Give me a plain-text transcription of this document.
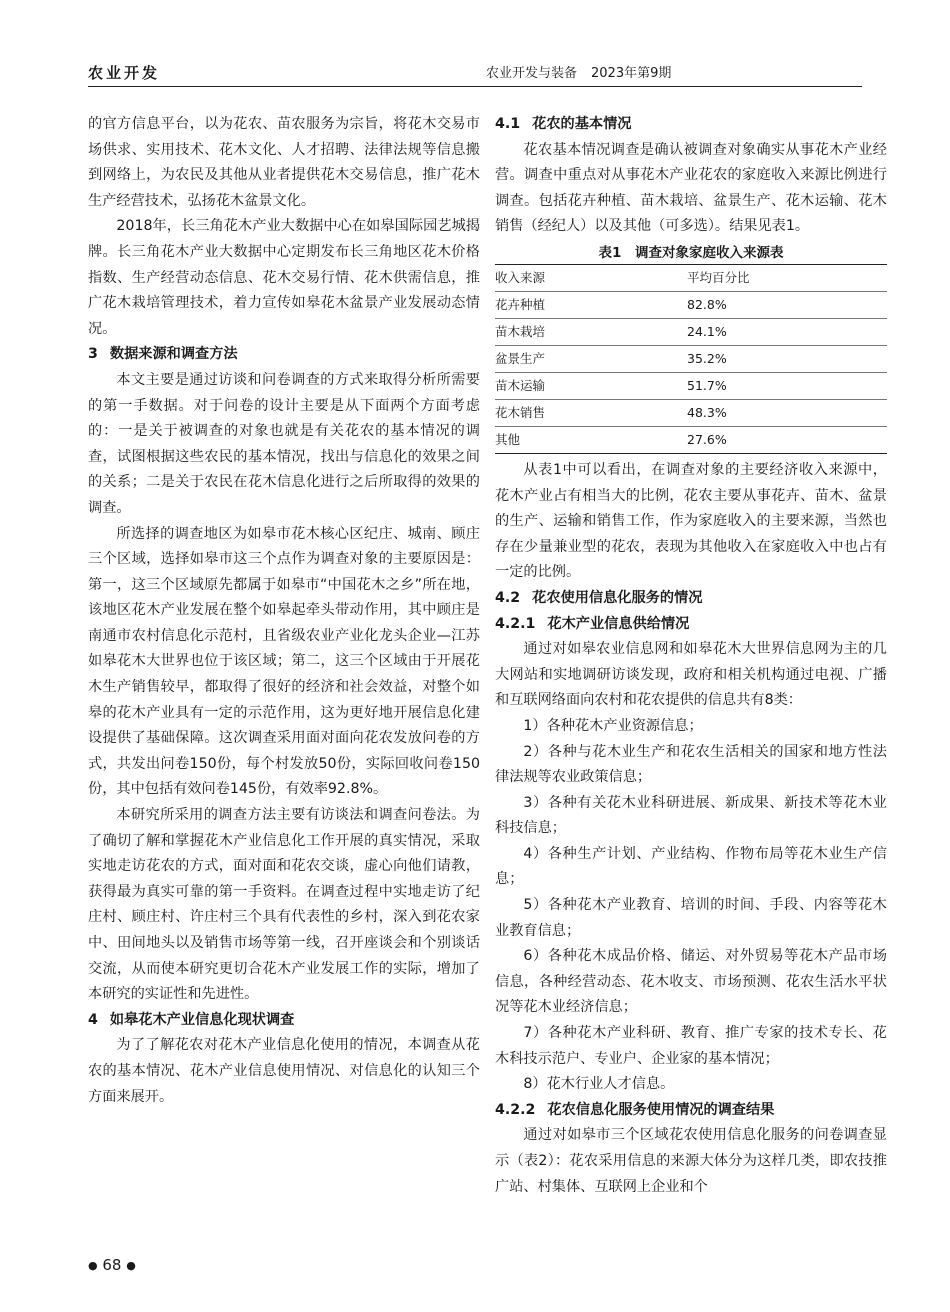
农业开发	农业开发与装备 2023年第9期

的官方信息平台，以为花农、苗农服务为宗旨，将花木交易市场供求、实用技术、花木文化、人才招聘、法律法规等信息搬到网络上，为农民及其他从业者提供花木交易信息，推广花木生产经营技术，弘扬花木盆景文化。

2018年，长三角花木产业大数据中心在如皋国际园艺城揭牌。长三角花木产业大数据中心定期发布长三角地区花木价格指数、生产经营动态信息、花木交易行情、花木供需信息，推广花木栽培管理技术，着力宣传如皋花木盆景产业发展动态情况。

3 数据来源和调查方法

本文主要是通过访谈和问卷调查的方式来取得分析所需要的第一手数据。对于问卷的设计主要是从下面两个方面考虑的：一是关于被调查的对象也就是有关花农的基本情况的调查，试图根据这些农民的基本情况，找出与信息化的效果之间的关系；二是关于农民在花木信息化进行之后所取得的效果的调查。

所选择的调查地区为如皋市花木核心区纪庄、城南、顾庄三个区域，选择如皋市这三个点作为调查对象的主要原因是：第一，这三个区域原先都属于如皋市“中国花木之乡”所在地，该地区花木产业发展在整个如皋起牵头带动作用，其中顾庄是南通市农村信息化示范村，且省级农业产业化龙头企业—江苏如皋花木大世界也位于该区域；第二，这三个区域由于开展花木生产销售较早，都取得了很好的经济和社会效益，对整个如皋的花木产业具有一定的示范作用，这为更好地开展信息化建设提供了基础保障。这次调查采用面对面向花农发放问卷的方式，共发出问卷150份，每个村发放50份，实际回收问卷150份，其中包括有效问卷145份，有效率92.8%。

本研究所采用的调查方法主要有访谈法和调查问卷法。为了确切了解和掌握花木产业信息化工作开展的真实情况，采取实地走访花农的方式，面对面和花农交谈，虚心向他们请教，获得最为真实可靠的第一手资料。在调查过程中实地走访了纪庄村、顾庄村、许庄村三个具有代表性的乡村，深入到花农家中、田间地头以及销售市场等第一线，召开座谈会和个别谈话交流，从而使本研究更切合花木产业发展工作的实际，增加了本研究的实证性和先进性。

4 如皋花木产业信息化现状调查

为了了解花农对花木产业信息化使用的情况，本调查从花农的基本情况、花木产业信息使用情况、对信息化的认知三个方面来展开。

4.1 花农的基本情况

花农基本情况调查是确认被调查对象确实从事花木产业经营。调查中重点对从事花木产业花农的家庭收入来源比例进行调查。包括花卉种植、苗木栽培、盆景生产、花木运输、花木销售（经纪人）以及其他（可多选）。结果见表1。

表1　调查对象家庭收入来源表
收入来源	平均百分比
花卉种植	82.8%
苗木栽培	24.1%
盆景生产	35.2%
苗木运输	51.7%
花木销售	48.3%
其他	27.6%

从表1中可以看出，在调查对象的主要经济收入来源中，花木产业占有相当大的比例，花农主要从事花卉、苗木、盆景的生产、运输和销售工作，作为家庭收入的主要来源，当然也存在少量兼业型的花农，表现为其他收入在家庭收入中也占有一定的比例。

4.2 花农使用信息化服务的情况
4.2.1 花木产业信息供给情况

通过对如皋农业信息网和如皋花木大世界信息网为主的几大网站和实地调研访谈发现，政府和相关机构通过电视、广播和互联网络面向农村和花农提供的信息共有8类：

1）各种花木产业资源信息；

2）各种与花木业生产和花农生活相关的国家和地方性法律法规等农业政策信息；

3）各种有关花木业科研进展、新成果、新技术等花木业科技信息；

4）各种生产计划、产业结构、作物布局等花木业生产信息；

5）各种花木产业教育、培训的时间、手段、内容等花木业教育信息；

6）各种花木成品价格、储运、对外贸易等花木产品市场信息，各种经营动态、花木收支、市场预测、花农生活水平状况等花木业经济信息；

7）各种花木产业科研、教育、推广专家的技术专长、花木科技示范户、专业户、企业家的基本情况；

8）花木行业人才信息。

4.2.2 花农信息化服务使用情况的调查结果

通过对如皋市三个区域花农使用信息化服务的问卷调查显示（表2）：花农采用信息的来源大体分为这样几类，即农技推广站、村集体、互联网上企业和个

● 68 ●
